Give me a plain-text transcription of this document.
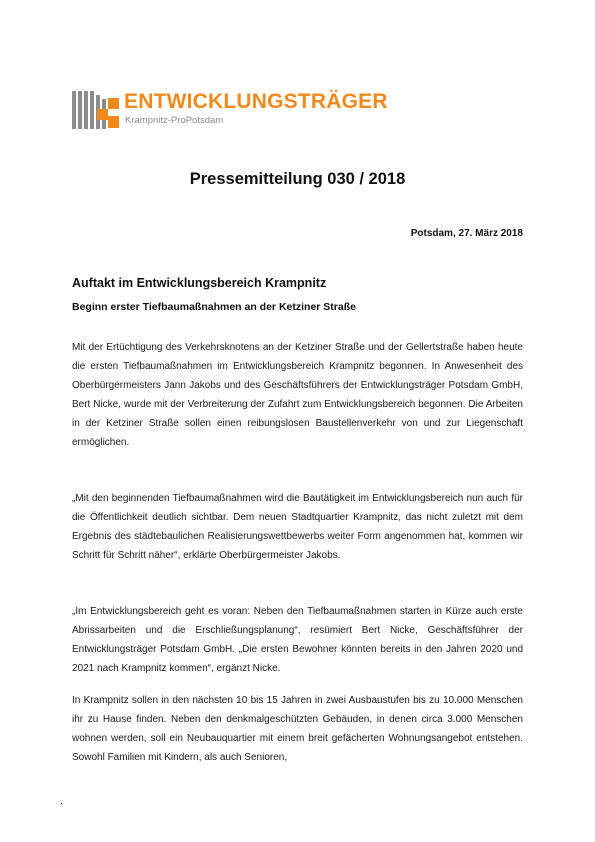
ENTWICKLUNGSTRÄGER
Krampnitz-ProPotsdam
Pressemitteilung 030 / 2018
Potsdam, 27. März 2018
Auftakt im Entwicklungsbereich Krampnitz
Beginn erster Tiefbaumaßnahmen an der Ketziner Straße

Mit der Ertüchtigung des Verkehrsknotens an der Ketziner Straße und der Gellertstraße haben heute die ersten Tiefbaumaßnahmen im Entwicklungsbereich Krampnitz begonnen. In Anwesenheit des Oberbürgermeisters Jann Jakobs und des Geschäftsführers der Entwicklungsträger Potsdam GmbH, Bert Nicke, wurde mit der Verbreiterung der Zufahrt zum Entwicklungsbereich begonnen. Die Arbeiten in der Ketziner Straße sollen einen reibungslosen Baustellenverkehr von und zur Liegenschaft ermöglichen.

„Mit den beginnenden Tiefbaumaßnahmen wird die Bautätigkeit im Entwicklungsbereich nun auch für die Öffentlichkeit deutlich sichtbar. Dem neuen Stadtquartier Krampnitz, das nicht zuletzt mit dem Ergebnis des städtebaulichen Realisierungswettbewerbs weiter Form angenommen hat, kommen wir Schritt für Schritt näher“, erklärte Oberbürgermeister Jakobs.

„Im Entwicklungsbereich geht es voran: Neben den Tiefbaumaßnahmen starten in Kürze auch erste Abrissarbeiten und die Erschließungsplanung“, resümiert Bert Nicke, Geschäftsführer der Entwicklungsträger Potsdam GmbH. „Die ersten Bewohner könnten bereits in den Jahren 2020 und 2021 nach Krampnitz kommen“, ergänzt Nicke.

In Krampnitz sollen in den nächsten 10 bis 15 Jahren in zwei Ausbaustufen bis zu 10.000 Menschen ihr zu Hause finden. Neben den denkmalgeschützten Gebäuden, in denen circa 3.000 Menschen wohnen werden, soll ein Neubauquartier mit einem breit gefächerten Wohnungsangebot entstehen. Sowohl Familien mit Kindern, als auch Senioren,

.
